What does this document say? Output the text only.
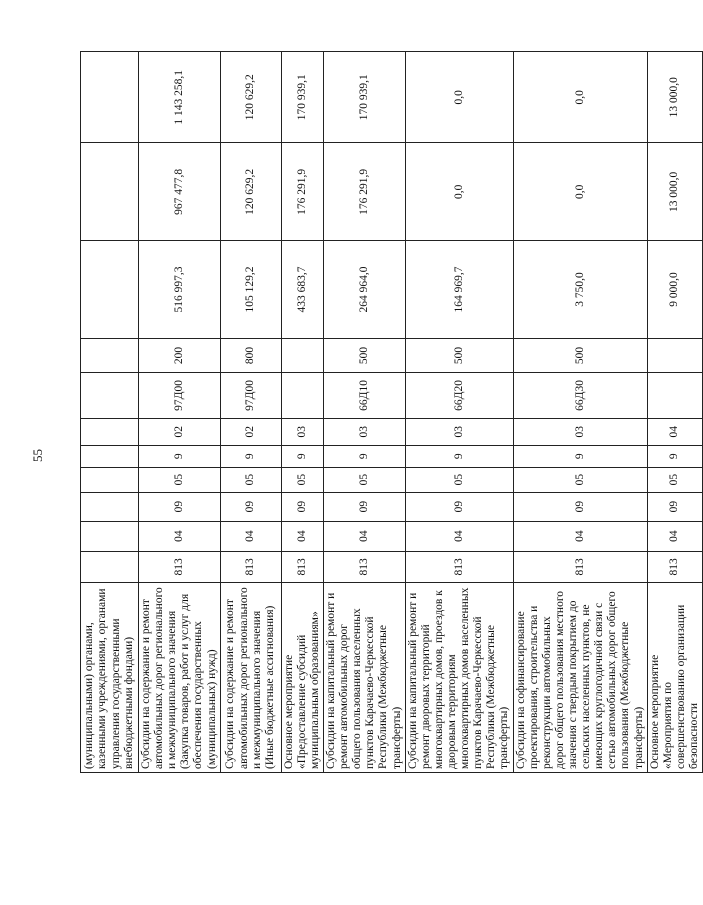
55
(муниципальными) органами, казенными учреждениями, органами управления государственными внебюджетными фондами)											
Субсидии на содержание и ремонт автомобильных дорог регионального и межмуниципального значения (Закупка товаров, работ и услуг для обеспечения государственных (муниципальных) нужд)	813	04	09	05	9	02	97Д00	200	516 997,3	967 477,8	1 143 258,1
Субсидии на содержание и ремонт автомобильных дорог регионального и межмуниципального значения (Иные бюджетные ассигнования)	813	04	09	05	9	02	97Д00	800	105 129,2	120 629,2	120 629,2
Основное мероприятие «Предоставление субсидий муниципальным образованиям»	813	04	09	05	9	03			433 683,7	176 291,9	170 939,1
Субсидии на капитальный ремонт и ремонт автомобильных дорог общего пользования населенных пунктов Карачаево-Черкесской Республики (Межбюджетные трансферты)	813	04	09	05	9	03	66Д10	500	264 964,0	176 291,9	170 939,1
Субсидии на капитальный ремонт и ремонт дворовых территорий многоквартирных домов, проездов к дворовым территориям многоквартирных домов населенных пунктов Карачаево-Черкесской Республики (Межбюджетные трансферты)	813	04	09	05	9	03	66Д20	500	164 969,7	0,0	0,0
Субсидии на софинансирование проектирования, строительства и реконструкции автомобильных дорог общего пользования местного значения с твердым покрытием до сельских населенных пунктов, не имеющих круглогодичной связи с сетью автомобильных дорог общего пользования (Межбюджетные трансферты)	813	04	09	05	9	03	66Д30	500	3 750,0	0,0	0,0
Основное мероприятие «Мероприятия по совершенствованию организации безопасности	813	04	09	05	9	04			9 000,0	13 000,0	13 000,0
